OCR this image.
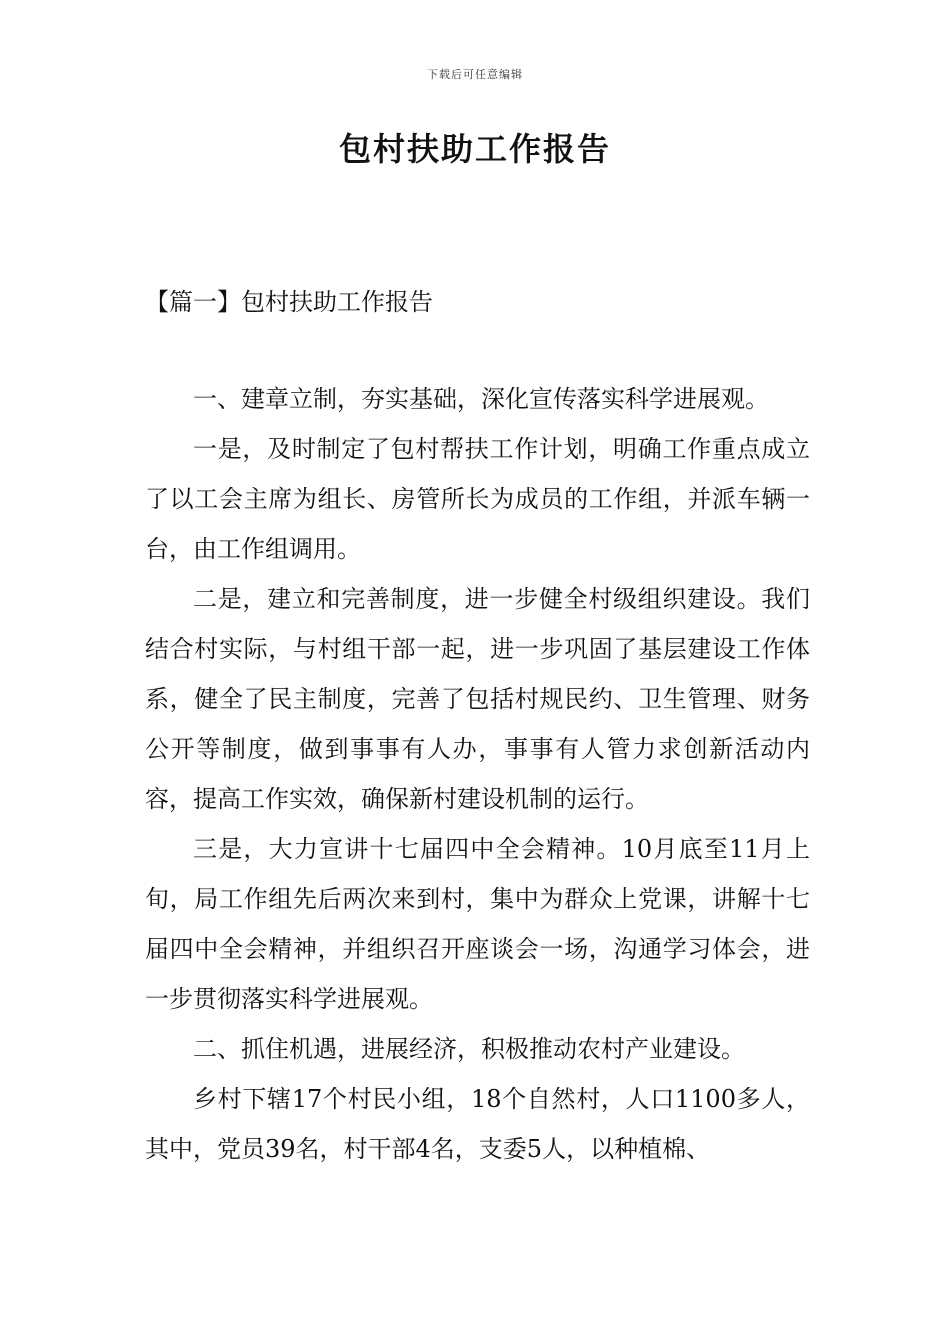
下载后可任意编辑
包村扶助工作报告
【篇一】包村扶助工作报告

一、建章立制，夯实基础，深化宣传落实科学进展观。

一是，及时制定了包村帮扶工作计划，明确工作重点成立了以工会主席为组长、房管所长为成员的工作组，并派车辆一台，由工作组调用。

二是，建立和完善制度，进一步健全村级组织建设。我们结合村实际，与村组干部一起，进一步巩固了基层建设工作体系，健全了民主制度，完善了包括村规民约、卫生管理、财务公开等制度，做到事事有人办，事事有人管力求创新活动内容，提高工作实效，确保新村建设机制的运行。

三是，大力宣讲十七届四中全会精神。10月底至11月上旬，局工作组先后两次来到村，集中为群众上党课，讲解十七届四中全会精神，并组织召开座谈会一场，沟通学习体会，进一步贯彻落实科学进展观。

二、抓住机遇，进展经济，积极推动农村产业建设。

乡村下辖17个村民小组，18个自然村，人口1100多人，其中，党员39名，村干部4名，支委5人，以种植棉、
